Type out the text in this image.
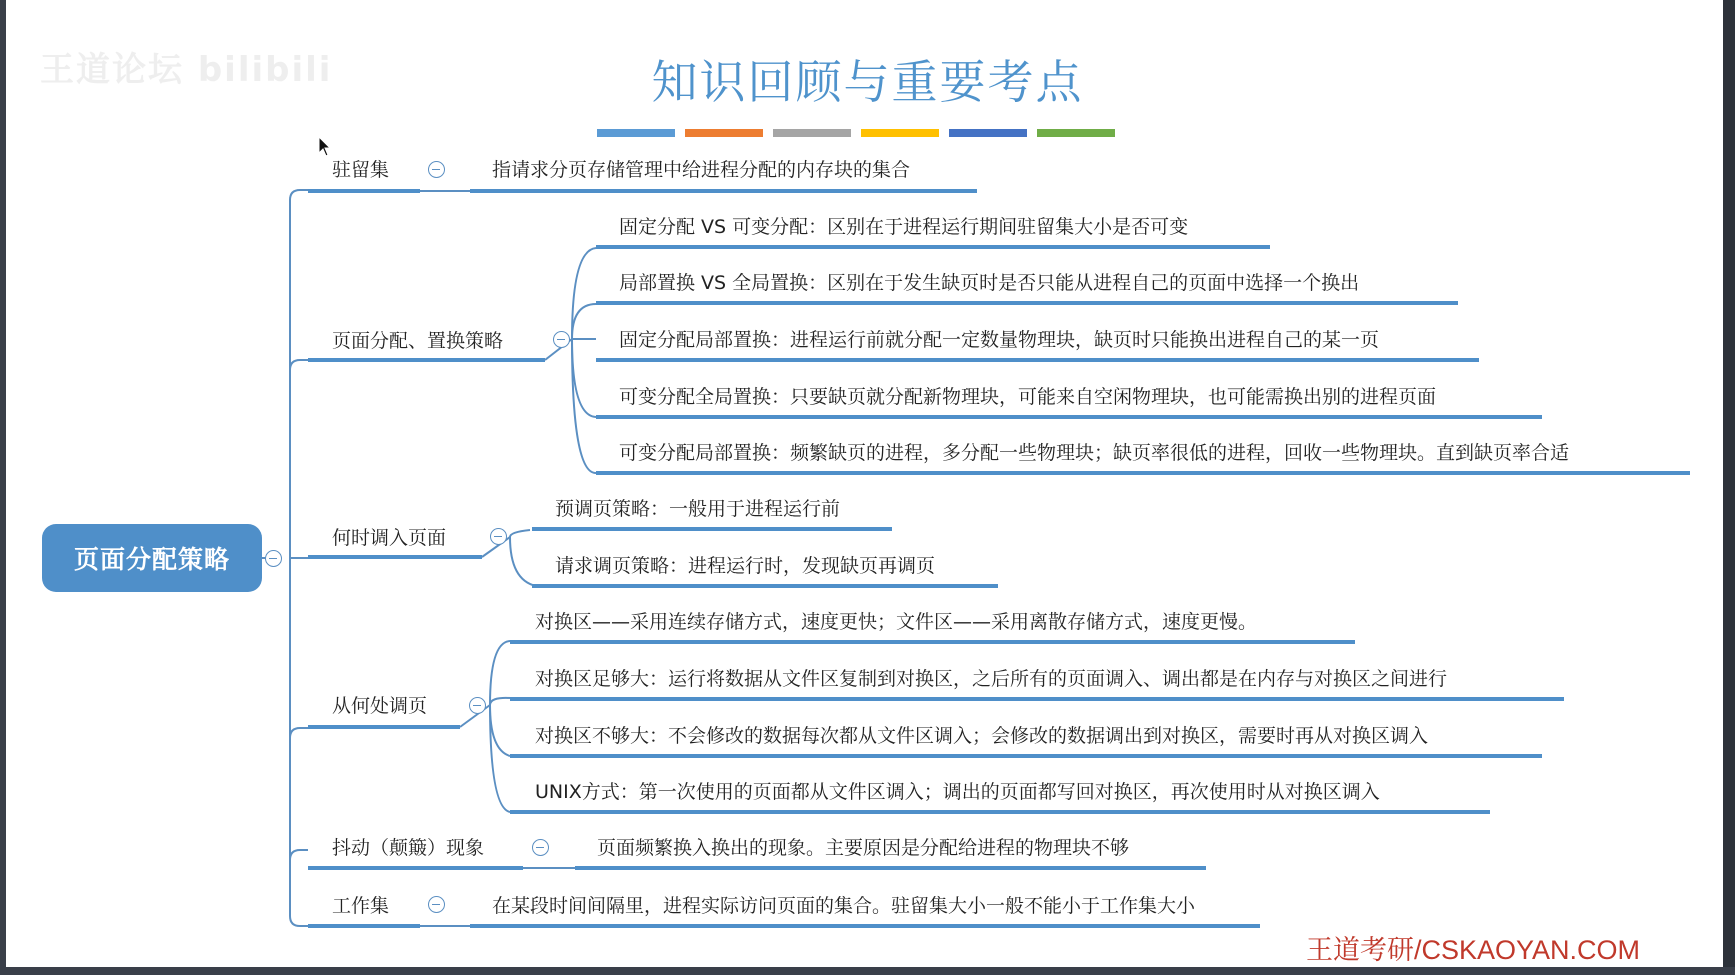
王道论坛 bilibili	知识回顾与重要考点
页面分配策略
驻留集	指请求分页存储管理中给进程分配的内存块的集合
页面分配、置换策略
固定分配 VS 可变分配：区别在于进程运行期间驻留集大小是否可变
局部置换 VS 全局置换：区别在于发生缺页时是否只能从进程自己的页面中选择一个换出
固定分配局部置换：进程运行前就分配一定数量物理块，缺页时只能换出进程自己的某一页
可变分配全局置换：只要缺页就分配新物理块，可能来自空闲物理块，也可能需换出别的进程页面
可变分配局部置换：频繁缺页的进程，多分配一些物理块；缺页率很低的进程，回收一些物理块。直到缺页率合适
何时调入页面
预调页策略：一般用于进程运行前
请求调页策略：进程运行时，发现缺页再调页
从何处调页
对换区——采用连续存储方式，速度更快；文件区——采用离散存储方式，速度更慢。
对换区足够大：运行将数据从文件区复制到对换区，之后所有的页面调入、调出都是在内存与对换区之间进行
对换区不够大：不会修改的数据每次都从文件区调入；会修改的数据调出到对换区，需要时再从对换区调入
UNIX方式：第一次使用的页面都从文件区调入；调出的页面都写回对换区，再次使用时从对换区调入
抖动（颠簸）现象	页面频繁换入换出的现象。主要原因是分配给进程的物理块不够
工作集	在某段时间间隔里，进程实际访问页面的集合。驻留集大小一般不能小于工作集大小
王道考研/CSKAOYAN.COM
